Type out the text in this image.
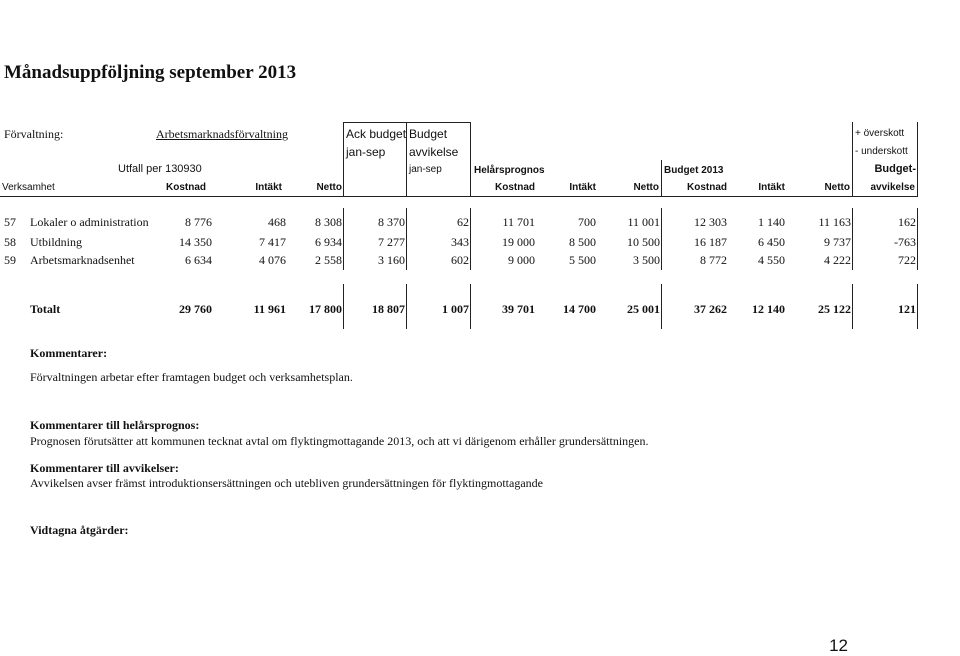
Månadsuppföljning september 2013
Förvaltning:	Arbetsmarknadsförvaltning	Ack budget
jan-sep
Budget
avvikelse
jan-sep
+ överskott
- underskott
Utfall per 130930	Helårsprognos	Budget 2013	Budget-
Verksamhet	Kostnad	Intäkt	Netto	Kostnad	Intäkt	Netto	Kostnad	Intäkt	Netto	avvikelse
57 Lokaler o administration	8 776	468	8 308	8 370	62	11 701	700	11 001	12 303	1 140	11 163	162
58 Utbildning	14 350	7 417	6 934	7 277	343	19 000	8 500	10 500	16 187	6 450	9 737	-763
59 Arbetsmarknadsenhet	6 634	4 076	2 558	3 160	602	9 000	5 500	3 500	8 772	4 550	4 222	722
Totalt	29 760	11 961	17 800	18 807	1 007	39 701	14 700	25 001	37 262	12 140	25 122	121
Kommentarer:
Förvaltningen arbetar efter framtagen budget och verksamhetsplan.
Kommentarer till helårsprognos:
Prognosen förutsätter att kommunen tecknat avtal om flyktingmottagande 2013, och att vi därigenom erhåller grundersättningen.
Kommentarer till avvikelser:
Avvikelsen avser främst introduktionsersättningen och utebliven grundersättningen för flyktingmottagande
Vidtagna åtgärder:
12
